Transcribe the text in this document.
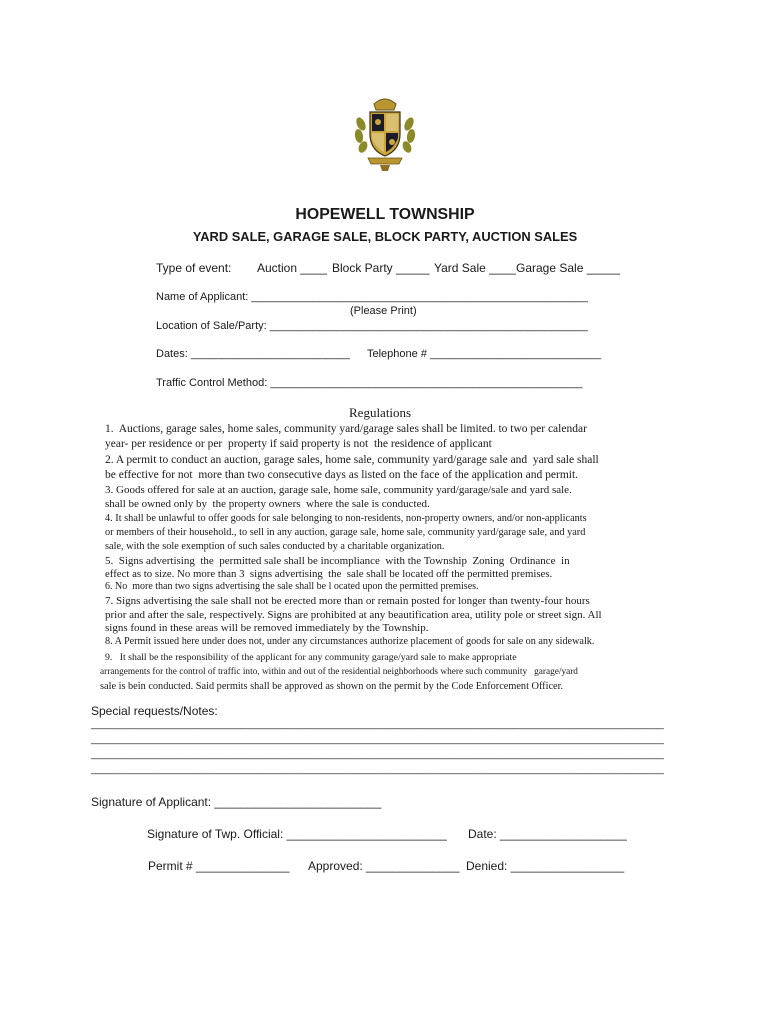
HOPEWELL TOWNSHIP
YARD SALE, GARAGE SALE, BLOCK PARTY, AUCTION SALES
Type of event: Auction ____ Block Party _____ Yard Sale ____ Garage Sale _____
Name of Applicant: _______________________________________________________
(Please Print)
Location of Sale/Party: ____________________________________________________
Dates: __________________________ Telephone # ____________________________
Traffic Control Method: ___________________________________________________
Regulations
1.  Auctions, garage sales, home sales, community yard/garage sales shall be limited. to two per calendar
year- per residence or per  property if said property is not  the residence of applicant
2. A permit to conduct an auction, garage sales, home sale, community yard/garage sale and  yard sale shall
be effective for not  more than two consecutive days as listed on the face of the application and permit.
3. Goods offered for sale at an auction, garage sale, home sale, community yard/garage/sale and yard sale.
shall be owned only by  the property owners  where the sale is conducted.
4. It shall be unlawful to offer goods for sale belonging to non-residents, non-property owners, and/or non-applicants
or members of their household., to sell in any auction, garage sale, home sale, community yard/garage sale, and yard
sale, with the sole exemption of such sales conducted by a charitable organization.
5.  Signs advertising  the  permitted sale shall be incompliance  with the Township  Zoning  Ordinance  in
effect as to size. No more than 3  signs advertising  the  sale shall be located off the permitted premises.
6. No  more than two signs advertising the sale shall be l ocated upon the permitted premises.
7. Signs advertising the sale shall not be erected more than or remain posted for longer than twenty-four hours
prior and after the sale, respectively. Signs are prohibited at any beautification area, utility pole or street sign. All
signs found in these areas will be removed immediately by the Township.
8. A Permit issued here under does not, under any circumstances authorize placement of goods for sale on any sidewalk.
9.   It shall be the responsibility of the applicant for any community garage/yard sale to make appropriate
arrangements for the control of traffic into, within and out of the residential neighborhoods where such community   garage/yard
sale is bein conducted. Said permits shall be approved as shown on the permit by the Code Enforcement Officer.
Special requests/Notes:
_______________________________________________________________________________________________________
_______________________________________________________________________________________________________
_______________________________________________________________________________________________________
_______________________________________________________________________________________________________
Signature of Applicant: _________________________
Signature of Twp. Official: ________________________ Date: ___________________
Permit # ______________ Approved: ______________ Denied: _________________
